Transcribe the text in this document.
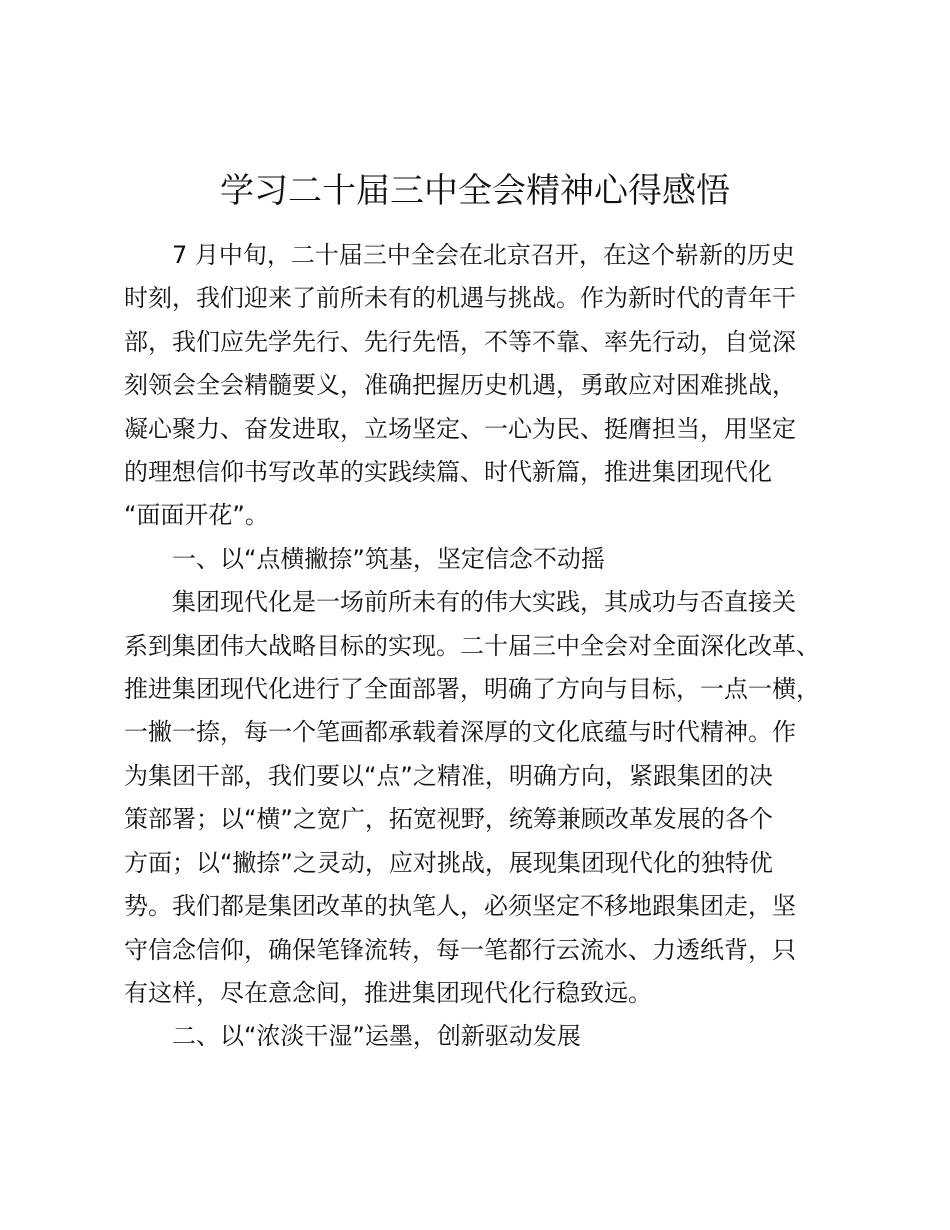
学习二十届三中全会精神心得感悟
7 月中旬，二十届三中全会在北京召开，在这个崭新的历史
时刻，我们迎来了前所未有的机遇与挑战。作为新时代的青年干
部，我们应先学先行、先行先悟，不等不靠、率先行动，自觉深
刻领会全会精髓要义，准确把握历史机遇，勇敢应对困难挑战，
凝心聚力、奋发进取，立场坚定、一心为民、挺膺担当，用坚定
的理想信仰书写改革的实践续篇、时代新篇，推进集团现代化
“面面开花”。
一、以“点横撇捺”筑基，坚定信念不动摇
集团现代化是一场前所未有的伟大实践，其成功与否直接关
系到集团伟大战略目标的实现。二十届三中全会对全面深化改革、
推进集团现代化进行了全面部署，明确了方向与目标，一点一横，
一撇一捺，每一个笔画都承载着深厚的文化底蕴与时代精神。作
为集团干部，我们要以“点”之精准，明确方向，紧跟集团的决
策部署；以“横”之宽广，拓宽视野，统筹兼顾改革发展的各个
方面；以“撇捺”之灵动，应对挑战，展现集团现代化的独特优
势。我们都是集团改革的执笔人，必须坚定不移地跟集团走，坚
守信念信仰，确保笔锋流转，每一笔都行云流水、力透纸背，只
有这样，尽在意念间，推进集团现代化行稳致远。
二、以“浓淡干湿”运墨，创新驱动发展
